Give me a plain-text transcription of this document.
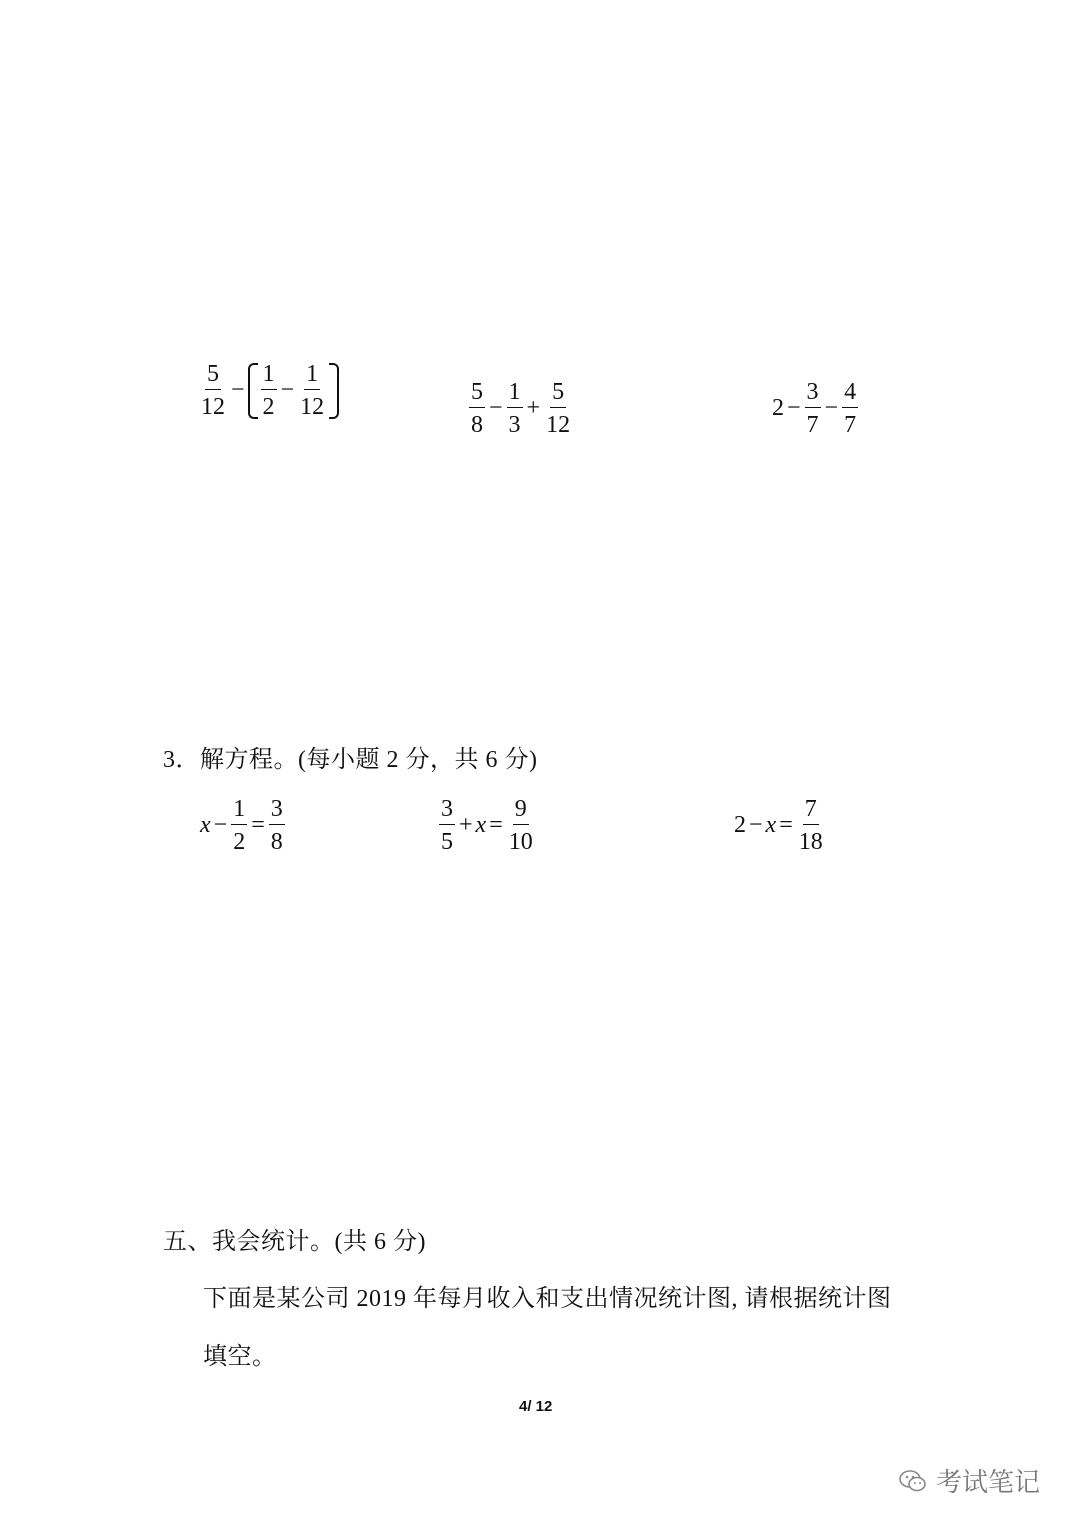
$\frac{5}{12} - \frac{1}{2} - \frac{1}{12}$	$\frac{5}{8} - \frac{1}{3} + \frac{5}{12}$	$2 - \frac{3}{7} - \frac{4}{7}$
3．解方程。(每小题 2 分，共 6 分)
$x - \frac{1}{2} = \frac{3}{8}$	$\frac{3}{5} + x = \frac{9}{10}$	$2 - x = \frac{7}{18}$
五、我会统计。(共 6 分)
下面是某公司 2019 年每月收入和支出情况统计图, 请根据统计图
填空。
4/ 12
考试笔记
